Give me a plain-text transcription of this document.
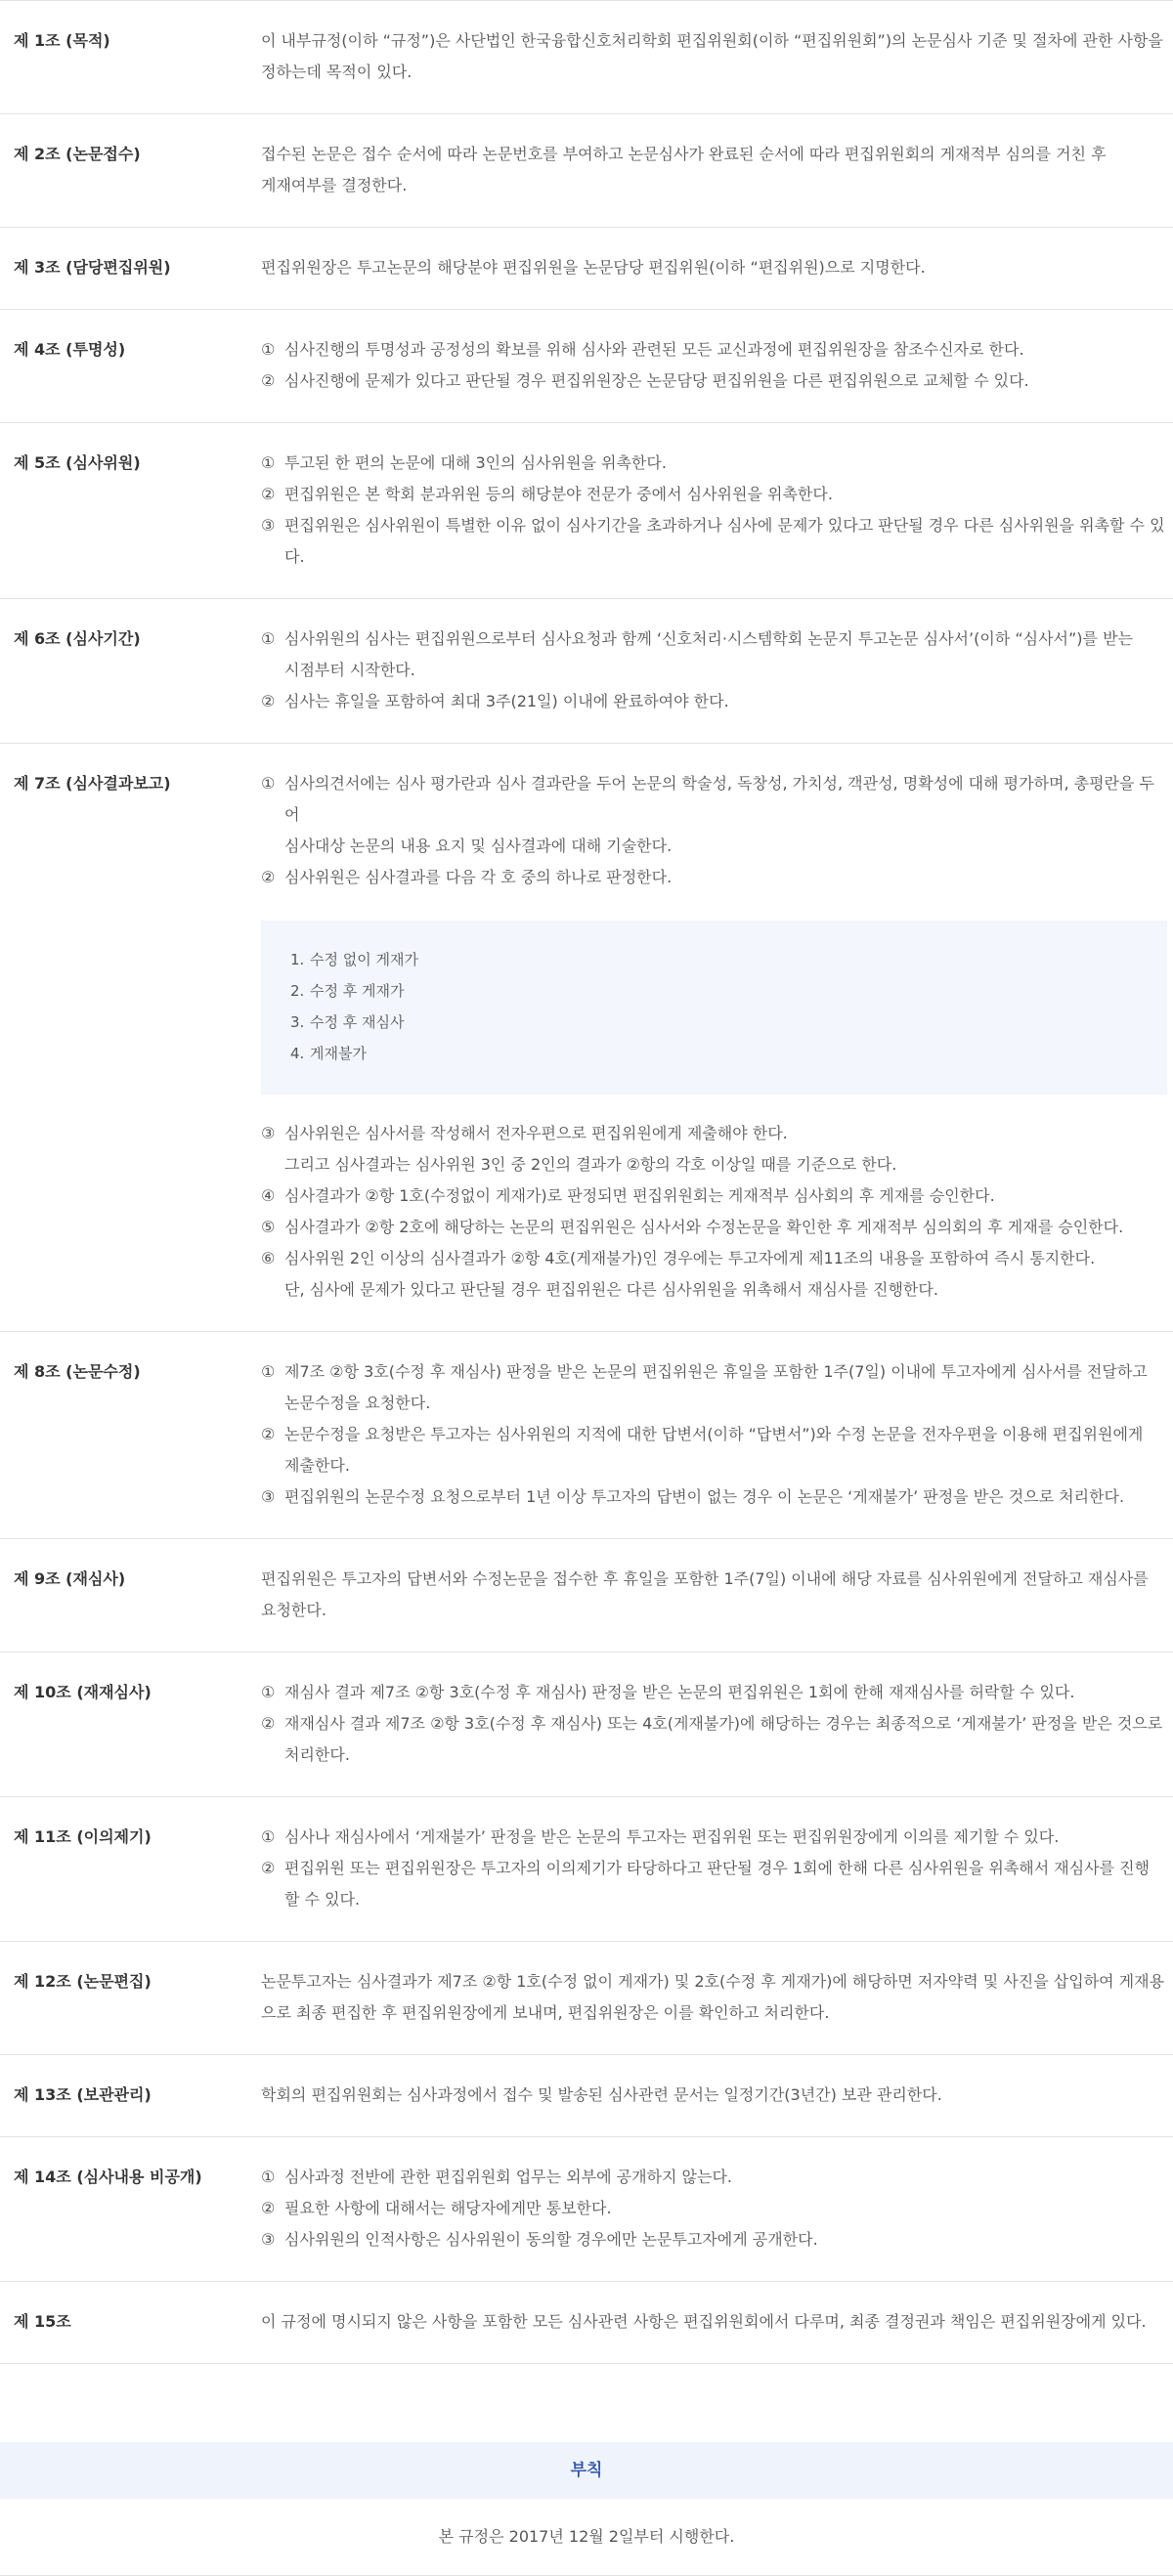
제 1조 (목적)	이 내부규정(이하 “규정”)은 사단법인 한국융합신호처리학회 편집위원회(이하 “편집위원회”)의 논문심사 기준 및 절차에 관한 사항을
정하는데 목적이 있다.

제 2조 (논문접수)	접수된 논문은 접수 순서에 따라 논문번호를 부여하고 논문심사가 완료된 순서에 따라 편집위원회의 게재적부 심의를 거친 후
게재여부를 결정한다.

제 3조 (담당편집위원)	편집위원장은 투고논문의 해당분야 편집위원을 논문담당 편집위원(이하 “편집위원)으로 지명한다.

제 4조 (투명성)	① 심사진행의 투명성과 공정성의 확보를 위해 심사와 관련된 모든 교신과정에 편집위원장을 참조수신자로 한다.
② 심사진행에 문제가 있다고 판단될 경우 편집위원장은 논문담당 편집위원을 다른 편집위원으로 교체할 수 있다.
제 5조 (심사위원)	① 투고된 한 편의 논문에 대해 3인의 심사위원을 위촉한다.
② 편집위원은 본 학회 분과위원 등의 해당분야 전문가 중에서 심사위원을 위촉한다.
③ 편집위원은 심사위원이 특별한 이유 없이 심사기간을 초과하거나 심사에 문제가 있다고 판단될 경우 다른 심사위원을 위촉할 수 있다.
제 6조 (심사기간)	① 심사위원의 심사는 편집위원으로부터 심사요청과 함께 ‘신호처리·시스템학회 논문지 투고논문 심사서’(이하 “심사서”)를 받는
시점부터 시작한다.
② 심사는 휴일을 포함하여 최대 3주(21일) 이내에 완료하여야 한다.
제 7조 (심사결과보고)	① 심사의견서에는 심사 평가란과 심사 결과란을 두어 논문의 학술성, 독창성, 가치성, 객관성, 명확성에 대해 평가하며, 총평란을 두어
심사대상 논문의 내용 요지 및 심사결과에 대해 기술한다.
② 심사위원은 심사결과를 다음 각 호 중의 하나로 판정한다.
1. 수정 없이 게재가
2. 수정 후 게재가
3. 수정 후 재심사
4. 게재불가
③ 심사위원은 심사서를 작성해서 전자우편으로 편집위원에게 제출해야 한다.
그리고 심사결과는 심사위원 3인 중 2인의 결과가 ②항의 각호 이상일 때를 기준으로 한다.
④ 심사결과가 ②항 1호(수정없이 게재가)로 판정되면 편집위원회는 게재적부 심사회의 후 게재를 승인한다.
⑤ 심사결과가 ②항 2호에 해당하는 논문의 편집위원은 심사서와 수정논문을 확인한 후 게재적부 심의회의 후 게재를 승인한다.
⑥ 심사위원 2인 이상의 심사결과가 ②항 4호(게재불가)인 경우에는 투고자에게 제11조의 내용을 포함하여 즉시 통지한다.
단, 심사에 문제가 있다고 판단될 경우 편집위원은 다른 심사위원을 위촉해서 재심사를 진행한다.
제 8조 (논문수정)	① 제7조 ②항 3호(수정 후 재심사) 판정을 받은 논문의 편집위원은 휴일을 포함한 1주(7일) 이내에 투고자에게 심사서를 전달하고
논문수정을 요청한다.
② 논문수정을 요청받은 투고자는 심사위원의 지적에 대한 답변서(이하 “답변서”)와 수정 논문을 전자우편을 이용해 편집위원에게
제출한다.
③ 편집위원의 논문수정 요청으로부터 1년 이상 투고자의 답변이 없는 경우 이 논문은 ‘게재불가’ 판정을 받은 것으로 처리한다.
제 9조 (재심사)	편집위원은 투고자의 답변서와 수정논문을 접수한 후 휴일을 포함한 1주(7일) 이내에 해당 자료를 심사위원에게 전달하고 재심사를
요청한다.

제 10조 (재재심사)	① 재심사 결과 제7조 ②항 3호(수정 후 재심사) 판정을 받은 논문의 편집위원은 1회에 한해 재재심사를 허락할 수 있다.
② 재재심사 결과 제7조 ②항 3호(수정 후 재심사) 또는 4호(게재불가)에 해당하는 경우는 최종적으로 ‘게재불가’ 판정을 받은 것으로
처리한다.
제 11조 (이의제기)	① 심사나 재심사에서 ‘게재불가’ 판정을 받은 논문의 투고자는 편집위원 또는 편집위원장에게 이의를 제기할 수 있다.
② 편집위원 또는 편집위원장은 투고자의 이의제기가 타당하다고 판단될 경우 1회에 한해 다른 심사위원을 위촉해서 재심사를 진행
할 수 있다.
제 12조 (논문편집)	논문투고자는 심사결과가 제7조 ②항 1호(수정 없이 게재가) 및 2호(수정 후 게재가)에 해당하면 저자약력 및 사진을 삽입하여 게재용
으로 최종 편집한 후 편집위원장에게 보내며, 편집위원장은 이를 확인하고 처리한다.

제 13조 (보관관리)	학회의 편집위원회는 심사과정에서 접수 및 발송된 심사관련 문서는 일정기간(3년간) 보관 관리한다.

제 14조 (심사내용 비공개)	① 심사과정 전반에 관한 편집위원회 업무는 외부에 공개하지 않는다.
② 필요한 사항에 대해서는 해당자에게만 통보한다.
③ 심사위원의 인적사항은 심사위원이 동의할 경우에만 논문투고자에게 공개한다.
제 15조	이 규정에 명시되지 않은 사항을 포함한 모든 심사관련 사항은 편집위원회에서 다루며, 최종 결정권과 책임은 편집위원장에게 있다.

부칙
본 규정은 2017년 12월 2일부터 시행한다.
